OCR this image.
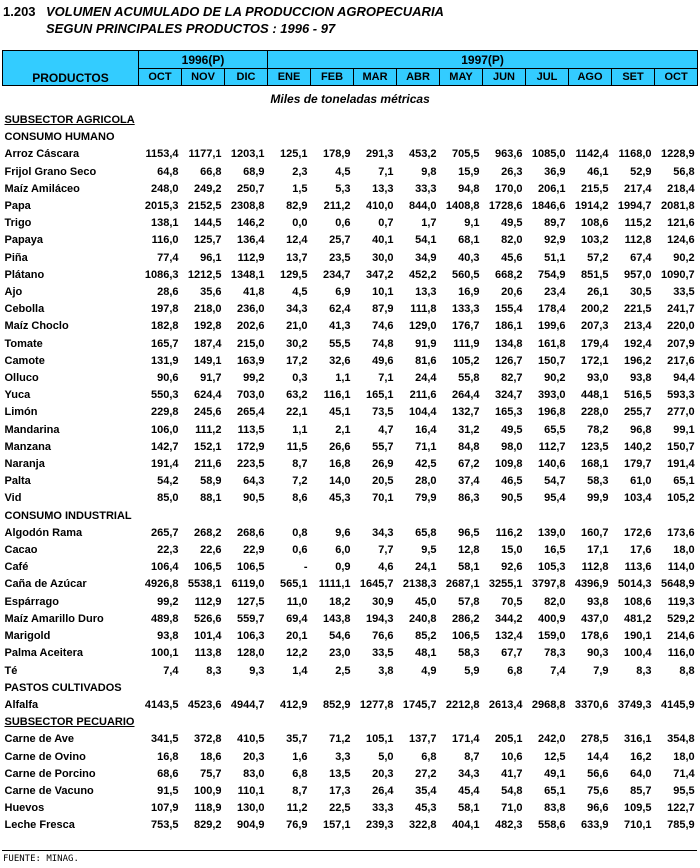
1.203 VOLUMEN ACUMULADO DE LA PRODUCCION AGROPECUARIA
SEGUN PRINCIPALES PRODUCTOS : 1996 - 97
PRODUCTOS	1996(P)			1997(P)									
	OCT	NOV	DIC	ENE	FEB	MAR	ABR	MAY	JUN	JUL	AGO	SET	OCT
Miles de toneladas métricas													
SUBSECTOR AGRICOLA													
CONSUMO HUMANO													
Arroz Cáscara	1153,4	1177,1	1203,1	125,1	178,9	291,3	453,2	705,5	963,6	1085,0	1142,4	1168,0	1228,9
Frijol Grano Seco	64,8	66,8	68,9	2,3	4,5	7,1	9,8	15,9	26,3	36,9	46,1	52,9	56,8
Maíz Amiláceo	248,0	249,2	250,7	1,5	5,3	13,3	33,3	94,8	170,0	206,1	215,5	217,4	218,4
Papa	2015,3	2152,5	2308,8	82,9	211,2	410,0	844,0	1408,8	1728,6	1846,6	1914,2	1994,7	2081,8
Trigo	138,1	144,5	146,2	0,0	0,6	0,7	1,7	9,1	49,5	89,7	108,6	115,2	121,6
Papaya	116,0	125,7	136,4	12,4	25,7	40,1	54,1	68,1	82,0	92,9	103,2	112,8	124,6
Piña	77,4	96,1	112,9	13,7	23,5	30,0	34,9	40,3	45,6	51,1	57,2	67,4	90,2
Plátano	1086,3	1212,5	1348,1	129,5	234,7	347,2	452,2	560,5	668,2	754,9	851,5	957,0	1090,7
Ajo	28,6	35,6	41,8	4,5	6,9	10,1	13,3	16,9	20,6	23,4	26,1	30,5	33,5
Cebolla	197,8	218,0	236,0	34,3	62,4	87,9	111,8	133,3	155,4	178,4	200,2	221,5	241,7
Maíz Choclo	182,8	192,8	202,6	21,0	41,3	74,6	129,0	176,7	186,1	199,6	207,3	213,4	220,0
Tomate	165,7	187,4	215,0	30,2	55,5	74,8	91,9	111,9	134,8	161,8	179,4	192,4	207,9
Camote	131,9	149,1	163,9	17,2	32,6	49,6	81,6	105,2	126,7	150,7	172,1	196,2	217,6
Olluco	90,6	91,7	99,2	0,3	1,1	7,1	24,4	55,8	82,7	90,2	93,0	93,8	94,4
Yuca	550,3	624,4	703,0	63,2	116,1	165,1	211,6	264,4	324,7	393,0	448,1	516,5	593,3
Limón	229,8	245,6	265,4	22,1	45,1	73,5	104,4	132,7	165,3	196,8	228,0	255,7	277,0
Mandarina	106,0	111,2	113,5	1,1	2,1	4,7	16,4	31,2	49,5	65,5	78,2	96,8	99,1
Manzana	142,7	152,1	172,9	11,5	26,6	55,7	71,1	84,8	98,0	112,7	123,5	140,2	150,7
Naranja	191,4	211,6	223,5	8,7	16,8	26,9	42,5	67,2	109,8	140,6	168,1	179,7	191,4
Palta	54,2	58,9	64,3	7,2	14,0	20,5	28,0	37,4	46,5	54,7	58,3	61,0	65,1
Vid	85,0	88,1	90,5	8,6	45,3	70,1	79,9	86,3	90,5	95,4	99,9	103,4	105,2
CONSUMO INDUSTRIAL													
Algodón Rama	265,7	268,2	268,6	0,8	9,6	34,3	65,8	96,5	116,2	139,0	160,7	172,6	173,6
Cacao	22,3	22,6	22,9	0,6	6,0	7,7	9,5	12,8	15,0	16,5	17,1	17,6	18,0
Café	106,4	106,5	106,5	-	0,9	4,6	24,1	58,1	92,6	105,3	112,8	113,6	114,0
Caña de Azúcar	4926,8	5538,1	6119,0	565,1	1111,1	1645,7	2138,3	2687,1	3255,1	3797,8	4396,9	5014,3	5648,9
Espárrago	99,2	112,9	127,5	11,0	18,2	30,9	45,0	57,8	70,5	82,0	93,8	108,6	119,3
Maíz Amarillo Duro	489,8	526,6	559,7	69,4	143,8	194,3	240,8	286,2	344,2	400,9	437,0	481,2	529,2
Marigold	93,8	101,4	106,3	20,1	54,6	76,6	85,2	106,5	132,4	159,0	178,6	190,1	214,6
Palma Aceitera	100,1	113,8	128,0	12,2	23,0	33,5	48,1	58,3	67,7	78,3	90,3	100,4	116,0
Té	7,4	8,3	9,3	1,4	2,5	3,8	4,9	5,9	6,8	7,4	7,9	8,3	8,8
PASTOS CULTIVADOS													
Alfalfa	4143,5	4523,6	4944,7	412,9	852,9	1277,8	1745,7	2212,8	2613,4	2968,8	3370,6	3749,3	4145,9
SUBSECTOR PECUARIO													
Carne de Ave	341,5	372,8	410,5	35,7	71,2	105,1	137,7	171,4	205,1	242,0	278,5	316,1	354,8
Carne de Ovino	16,8	18,6	20,3	1,6	3,3	5,0	6,8	8,7	10,6	12,5	14,4	16,2	18,0
Carne de Porcino	68,6	75,7	83,0	6,8	13,5	20,3	27,2	34,3	41,7	49,1	56,6	64,0	71,4
Carne de Vacuno	91,5	100,9	110,1	8,7	17,3	26,4	35,4	45,4	54,8	65,1	75,6	85,7	95,5
Huevos	107,9	118,9	130,0	11,2	22,5	33,3	45,3	58,1	71,0	83,8	96,6	109,5	122,7
Leche Fresca	753,5	829,2	904,9	76,9	157,1	239,3	322,8	404,1	482,3	558,6	633,9	710,1	785,9
FUENTE: MINAG.
